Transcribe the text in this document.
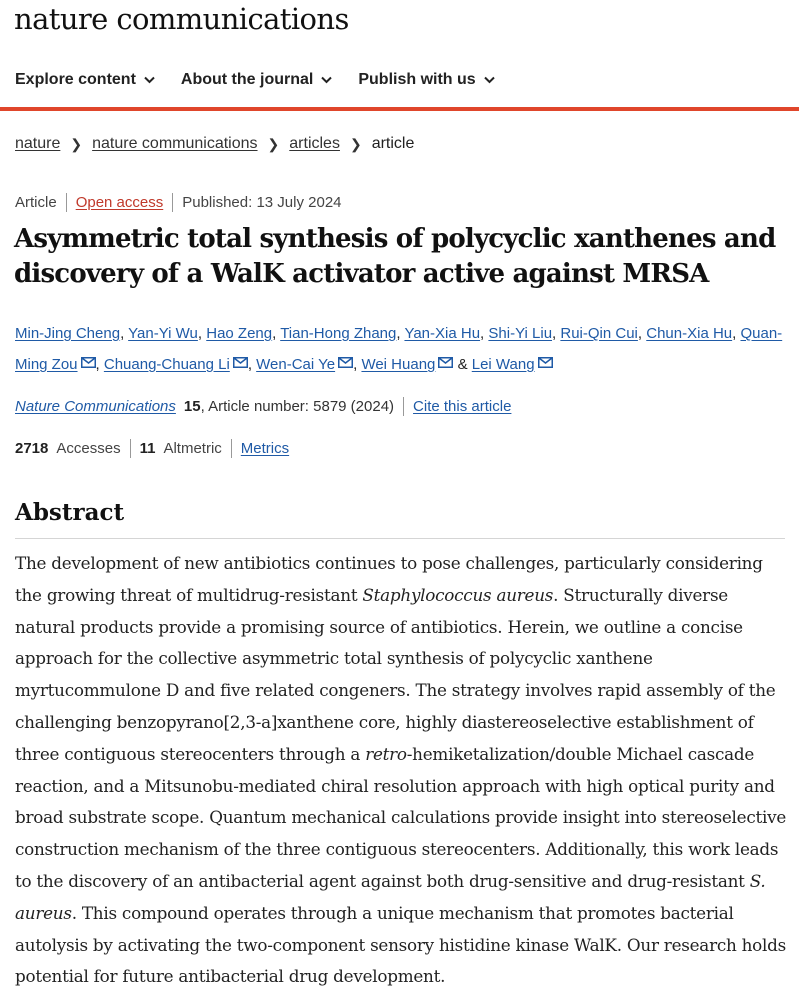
nature communications
Explore content	About the journal	Publish with us
nature ❯ nature communications ❯ articles ❯ article
Article Open access Published: 13 July 2024
Asymmetric total synthesis of polycyclic xanthenes and discovery of a WalK activator active against MRSA
Min-Jing Cheng, Yan-Yi Wu, Hao Zeng, Tian-Hong Zhang, Yan-Xia Hu, Shi-Yi Liu, Rui-Qin Cui, Chun-Xia Hu, Quan-Ming Zou , Chuang-Chuang Li , Wen-Cai Ye , Wei Huang & Lei Wang
Nature Communications 15 , Article number: 5879 (2024) Cite this article
2718 Accesses 11 Altmetric Metrics
Abstract

The development of new antibiotics continues to pose challenges, particularly considering the growing threat of multidrug-resistant Staphylococcus aureus. Structurally diverse natural products provide a promising source of antibiotics. Herein, we outline a concise approach for the collective asymmetric total synthesis of polycyclic xanthene myrtucommulone D and five related congeners. The strategy involves rapid assembly of the challenging benzopyrano[2,3-a]xanthene core, highly diastereoselective establishment of three contiguous stereocenters through a retro-hemiketalization/double Michael cascade reaction, and a Mitsunobu-mediated chiral resolution approach with high optical purity and broad substrate scope. Quantum mechanical calculations provide insight into stereoselective construction mechanism of the three contiguous stereocenters. Additionally, this work leads to the discovery of an antibacterial agent against both drug-sensitive and drug-resistant S. aureus. This compound operates through a unique mechanism that promotes bacterial autolysis by activating the two-component sensory histidine kinase WalK. Our research holds potential for future antibacterial drug development.
